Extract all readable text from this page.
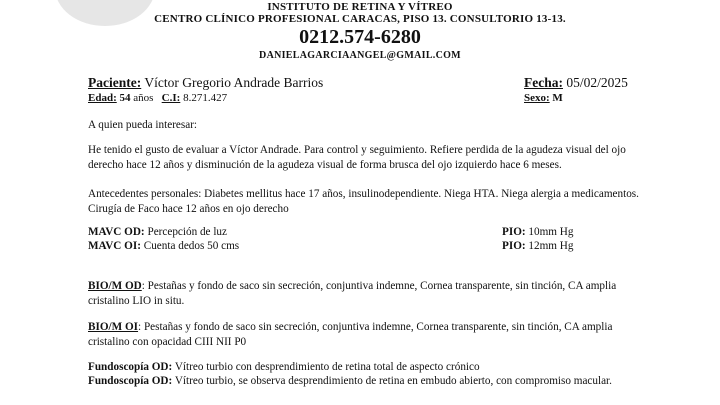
INSTITUTO DE RETINA Y VÍTREO
CENTRO CLÍNICO PROFESIONAL CARACAS, PISO 13. CONSULTORIO 13-13.
0212.574-6280
DANIELAGARCIAANGEL@GMAIL.COM
Paciente: Víctor Gregorio Andrade Barrios	Fecha: 05/02/2025
Edad: 54 años C.I: 8.271.427	Sexo: M

A quien pueda interesar:

He tenido el gusto de evaluar a Víctor Andrade. Para control y seguimiento. Refiere perdida de la agudeza visual del ojo derecho hace 12 años y disminución de la agudeza visual de forma brusca del ojo izquierdo hace 6 meses.

Antecedentes personales: Diabetes mellitus hace 17 años, insulinodependiente. Niega HTA. Niega alergia a medicamentos. Cirugía de Faco hace 12 años en ojo derecho

MAVC OD: Percepción de luz	PIO: 10mm Hg
MAVC OI: Cuenta dedos 50 cms	PIO: 12mm Hg

BIO/M OD: Pestañas y fondo de saco sin secreción, conjuntiva indemne, Cornea transparente, sin tinción, CA amplia cristalino LIO in situ.

BIO/M OI: Pestañas y fondo de saco sin secreción, conjuntiva indemne, Cornea transparente, sin tinción, CA amplia cristalino con opacidad CIII NII P0

Fundoscopía OD: Vítreo turbio con desprendimiento de retina total de aspecto crónico

Fundoscopía OD: Vítreo turbio, se observa desprendimiento de retina en embudo abierto, con compromiso macular.
